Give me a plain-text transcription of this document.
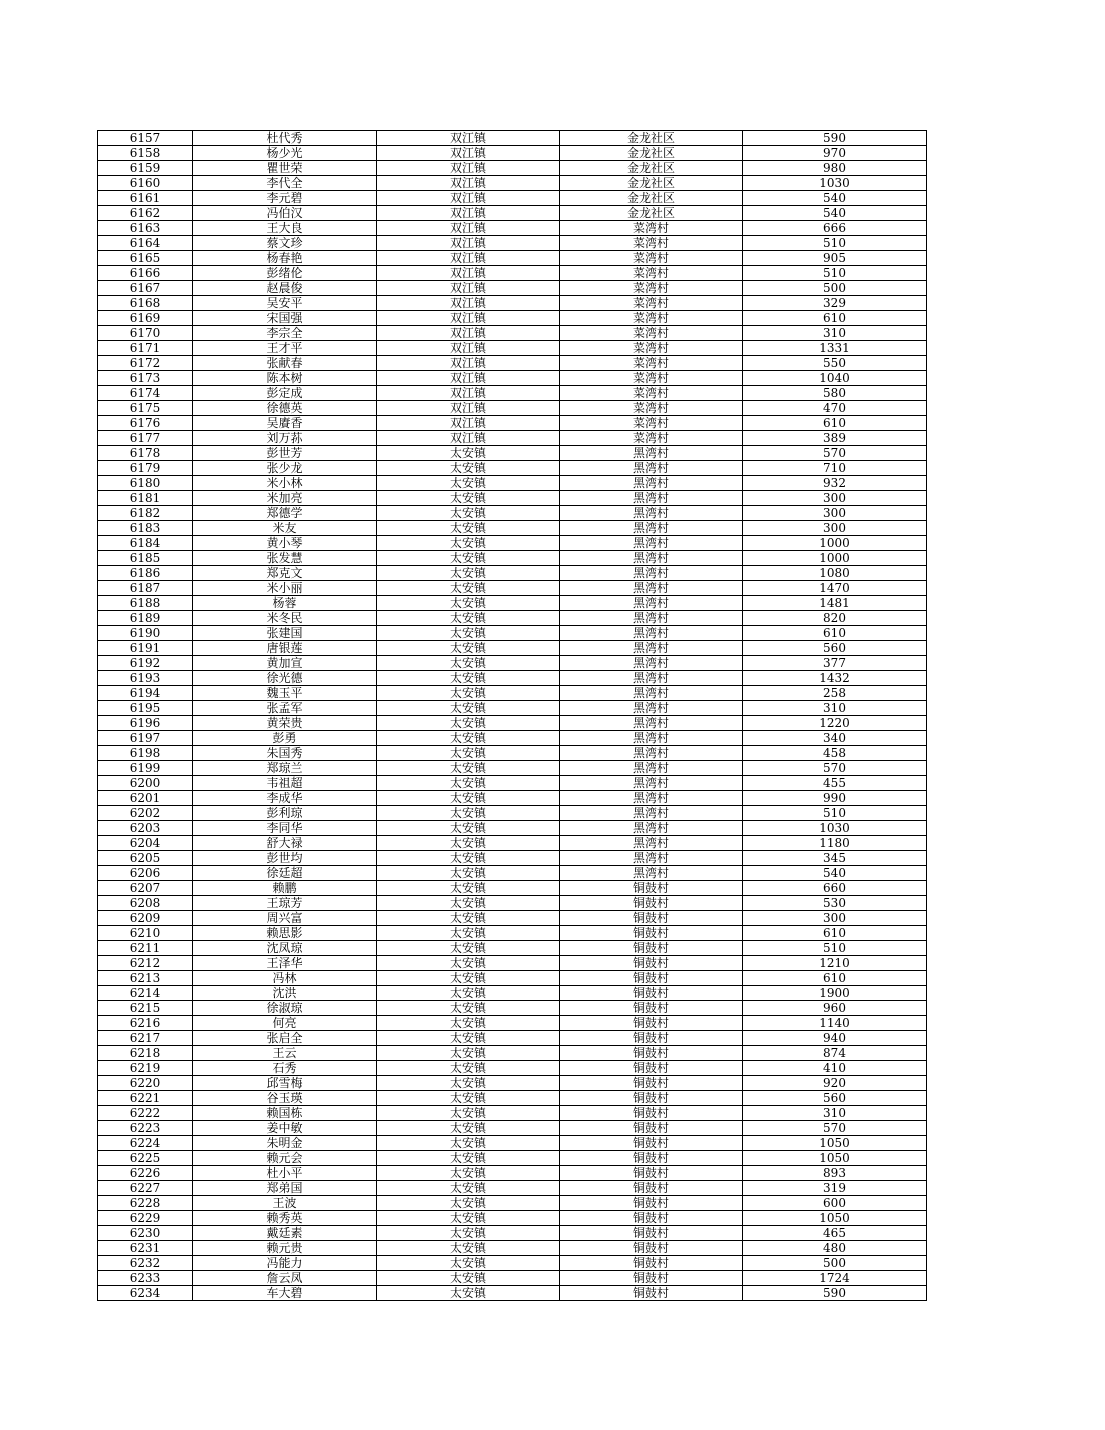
6157	杜代秀	双江镇	金龙社区	590
6158	杨少光	双江镇	金龙社区	970
6159	瞿世荣	双江镇	金龙社区	980
6160	李代全	双江镇	金龙社区	1030
6161	李元碧	双江镇	金龙社区	540
6162	冯伯汉	双江镇	金龙社区	540
6163	王大良	双江镇	菜湾村	666
6164	蔡文珍	双江镇	菜湾村	510
6165	杨春艳	双江镇	菜湾村	905
6166	彭绪伦	双江镇	菜湾村	510
6167	赵晨俊	双江镇	菜湾村	500
6168	吴安平	双江镇	菜湾村	329
6169	宋国强	双江镇	菜湾村	610
6170	李宗全	双江镇	菜湾村	310
6171	王才平	双江镇	菜湾村	1331
6172	张献春	双江镇	菜湾村	550
6173	陈本树	双江镇	菜湾村	1040
6174	彭定成	双江镇	菜湾村	580
6175	徐德英	双江镇	菜湾村	470
6176	吴賡香	双江镇	菜湾村	610
6177	刘万荪	双江镇	菜湾村	389
6178	彭世芳	太安镇	黑湾村	570
6179	张少龙	太安镇	黑湾村	710
6180	米小林	太安镇	黑湾村	932
6181	米加亮	太安镇	黑湾村	300
6182	郑德学	太安镇	黑湾村	300
6183	米友	太安镇	黑湾村	300
6184	黄小琴	太安镇	黑湾村	1000
6185	张发慧	太安镇	黑湾村	1000
6186	郑克文	太安镇	黑湾村	1080
6187	米小丽	太安镇	黑湾村	1470
6188	杨蓉	太安镇	黑湾村	1481
6189	米冬民	太安镇	黑湾村	820
6190	张建国	太安镇	黑湾村	610
6191	唐银莲	太安镇	黑湾村	560
6192	黄加宣	太安镇	黑湾村	377
6193	徐光德	太安镇	黑湾村	1432
6194	魏玉平	太安镇	黑湾村	258
6195	张孟军	太安镇	黑湾村	310
6196	黄荣贵	太安镇	黑湾村	1220
6197	彭勇	太安镇	黑湾村	340
6198	朱国秀	太安镇	黑湾村	458
6199	郑琼兰	太安镇	黑湾村	570
6200	韦祖超	太安镇	黑湾村	455
6201	李成华	太安镇	黑湾村	990
6202	彭利琼	太安镇	黑湾村	510
6203	李同华	太安镇	黑湾村	1030
6204	舒大禄	太安镇	黑湾村	1180
6205	彭世均	太安镇	黑湾村	345
6206	徐廷超	太安镇	黑湾村	540
6207	赖鹏	太安镇	铜鼓村	660
6208	王琼芳	太安镇	铜鼓村	530
6209	周兴富	太安镇	铜鼓村	300
6210	赖思影	太安镇	铜鼓村	610
6211	沈凤琼	太安镇	铜鼓村	510
6212	王泽华	太安镇	铜鼓村	1210
6213	冯林	太安镇	铜鼓村	610
6214	沈洪	太安镇	铜鼓村	1900
6215	徐淑琼	太安镇	铜鼓村	960
6216	何亮	太安镇	铜鼓村	1140
6217	张启全	太安镇	铜鼓村	940
6218	王云	太安镇	铜鼓村	874
6219	石秀	太安镇	铜鼓村	410
6220	邱雪梅	太安镇	铜鼓村	920
6221	谷玉瑛	太安镇	铜鼓村	560
6222	赖国栋	太安镇	铜鼓村	310
6223	姜中敏	太安镇	铜鼓村	570
6224	朱明金	太安镇	铜鼓村	1050
6225	赖元会	太安镇	铜鼓村	1050
6226	杜小平	太安镇	铜鼓村	893
6227	郑弟国	太安镇	铜鼓村	319
6228	王波	太安镇	铜鼓村	600
6229	赖秀英	太安镇	铜鼓村	1050
6230	戴廷素	太安镇	铜鼓村	465
6231	赖元贵	太安镇	铜鼓村	480
6232	冯能力	太安镇	铜鼓村	500
6233	詹云凤	太安镇	铜鼓村	1724
6234	车大碧	太安镇	铜鼓村	590
